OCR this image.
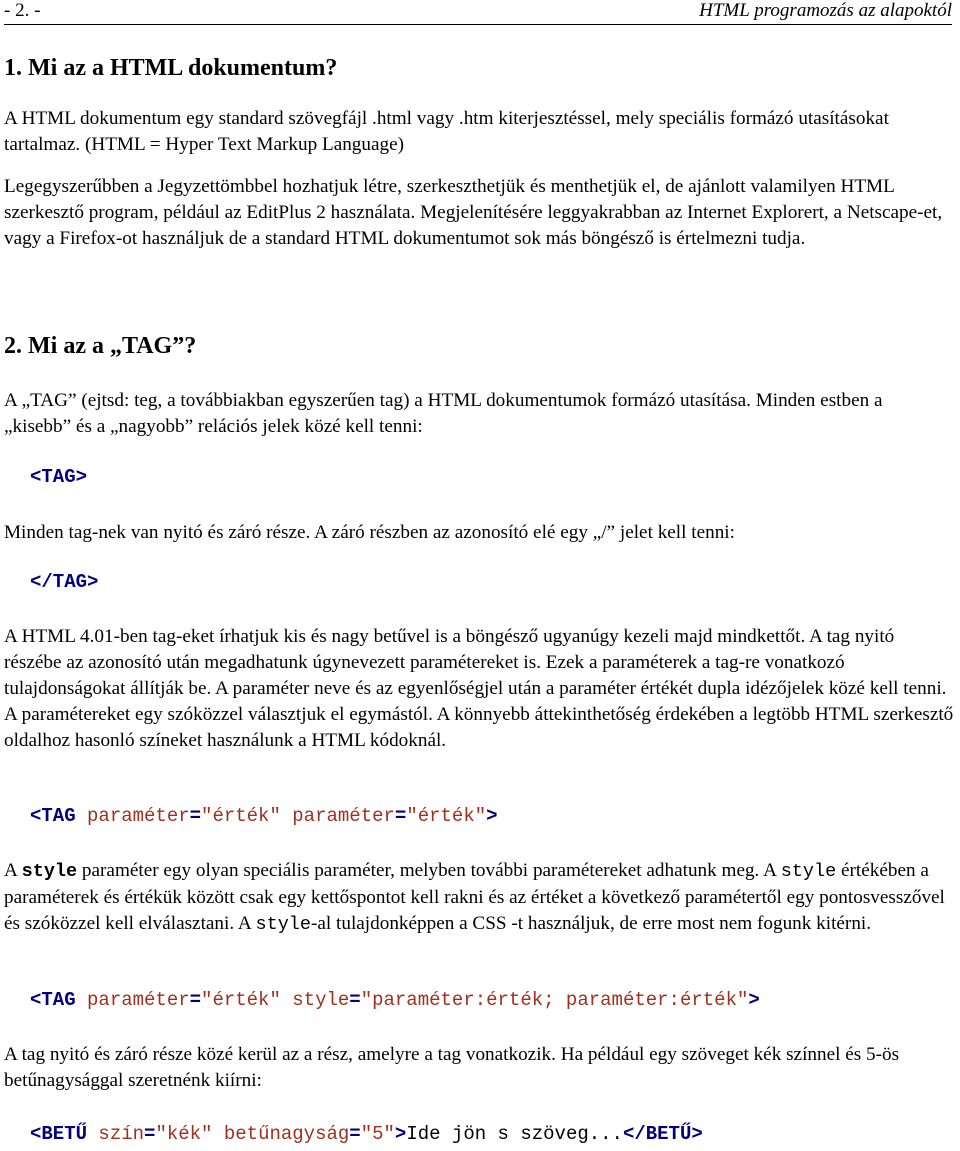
- 2. -	HTML programozás az alapoktól
1. Mi az a HTML dokumentum?

A HTML dokumentum egy standard szövegfájl .html vagy .htm kiterjesztéssel, mely speciális formázó utasításokat tartalmaz. (HTML = Hyper Text Markup Language)

Legegyszerűbben a Jegyzettömbbel hozhatjuk létre, szerkeszthetjük és menthetjük el, de ajánlott valamilyen HTML szerkesztő program, például az EditPlus 2 használata. Megjelenítésére leggyakrabban az Internet Explorert, a Netscape-et, vagy a Firefox-ot használjuk de a standard HTML dokumentumot sok más böngésző is értelmezni tudja.

2. Mi az a „TAG”?

A „TAG” (ejtsd: teg, a továbbiakban egyszerűen tag) a HTML dokumentumok formázó utasítása. Minden estben a „kisebb” és a „nagyobb” relációs jelek közé kell tenni:

<TAG>

Minden tag-nek van nyitó és záró része. A záró részben az azonosító elé egy „/” jelet kell tenni:

</TAG>

A HTML 4.01-ben tag-eket írhatjuk kis és nagy betűvel is a böngésző ugyanúgy kezeli majd mindkettőt. A tag nyitó részébe az azonosító után megadhatunk úgynevezett paramétereket is. Ezek a paraméterek a tag-re vonatkozó tulajdonságokat állítják be. A paraméter neve és az egyenlőségjel után a paraméter értékét dupla idézőjelek közé kell tenni. A paramétereket egy szóközzel választjuk el egymástól. A könnyebb áttekinthetőség érdekében a legtöbb HTML szerkesztő oldalhoz hasonló színeket használunk a HTML kódoknál.

<TAG paraméter="érték" paraméter="érték">

A style paraméter egy olyan speciális paraméter, melyben további paramétereket adhatunk meg. A style értékében a paraméterek és értékük között csak egy kettőspontot kell rakni és az értéket a következő paramétertől egy pontosvesszővel és szóközzel kell elválasztani. A style-al tulajdonképpen a CSS -t használjuk, de erre most nem fogunk kitérni.

<TAG paraméter="érték" style="paraméter:érték; paraméter:érték">

A tag nyitó és záró része közé kerül az a rész, amelyre a tag vonatkozik. Ha például egy szöveget kék színnel és 5-ös betűnagysággal szeretnénk kiírni:

<BETŰ szín="kék" betűnagyság="5">Ide jön s szöveg...</BETŰ>
